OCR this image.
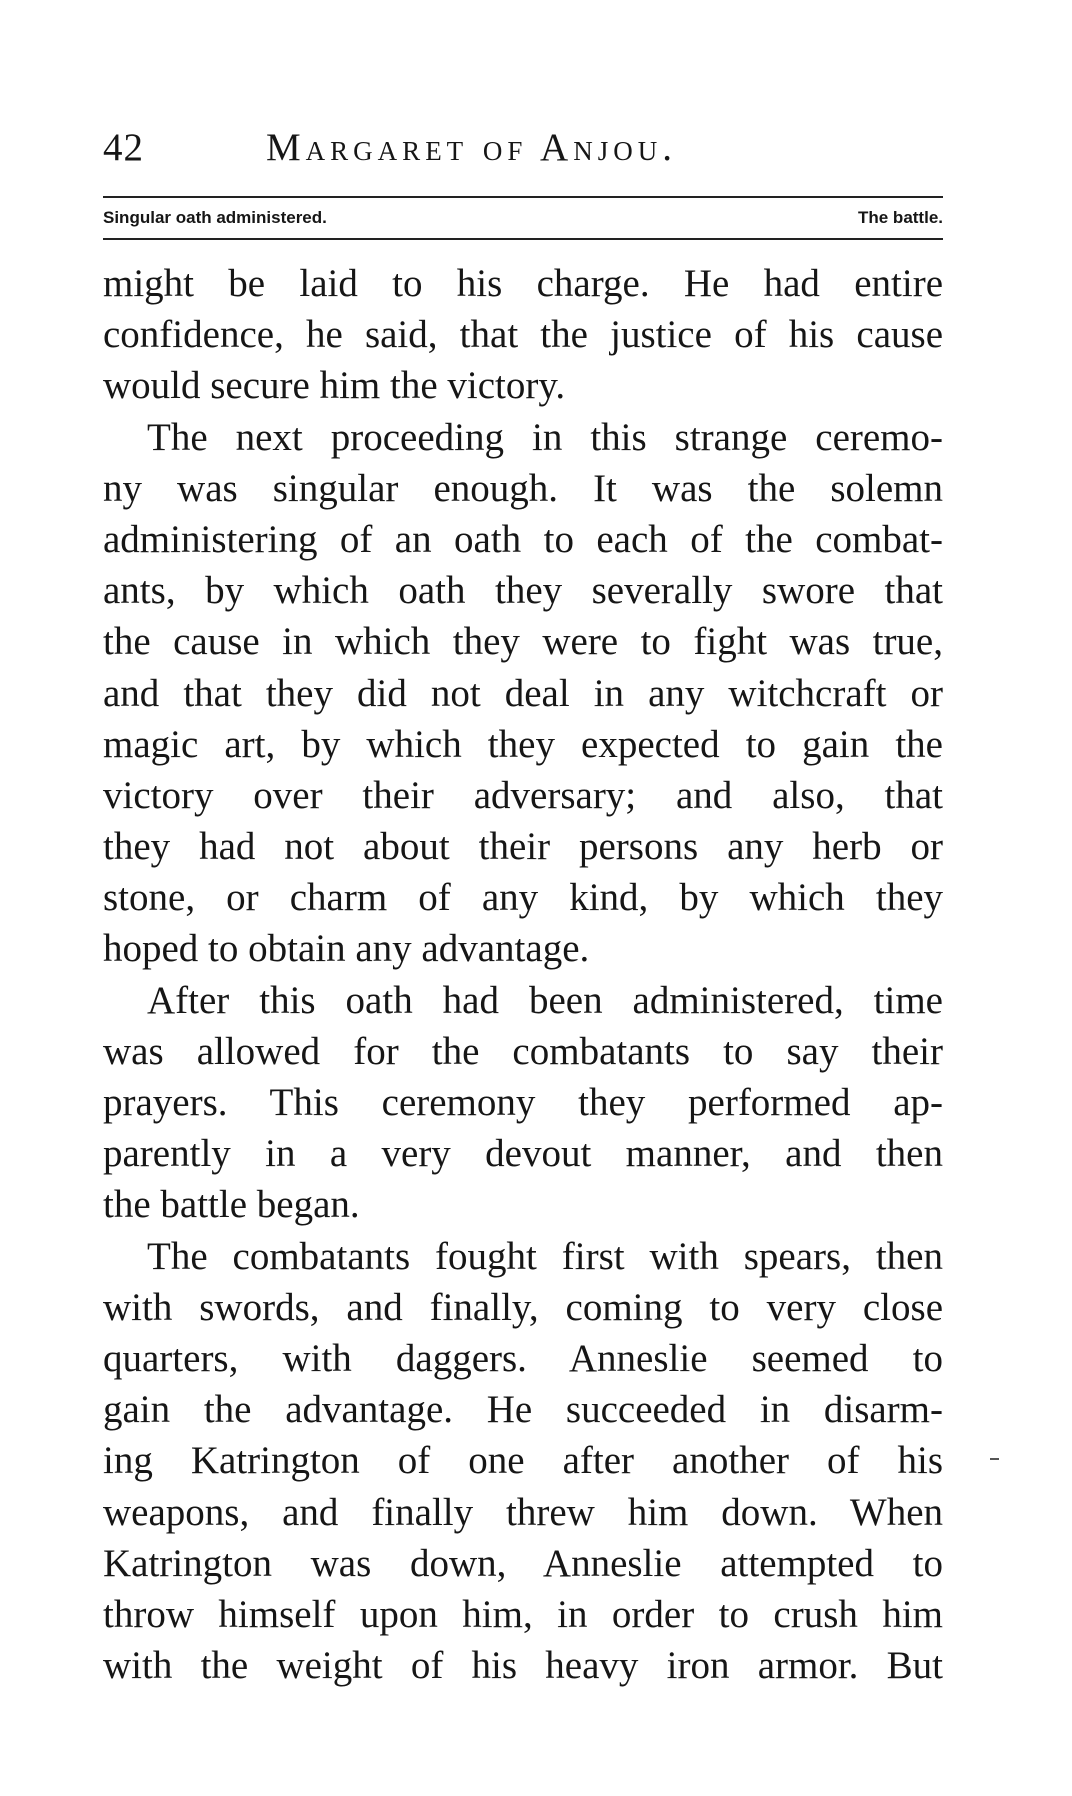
42	Margaret of Anjou.
Singular oath administered.	The battle.
might be laid to his charge. He had entire
confidence, he said, that the justice of his cause
would secure him the victory.
The next proceeding in this strange ceremo-
ny was singular enough. It was the solemn
administering of an oath to each of the combat-
ants, by which oath they severally swore that
the cause in which they were to fight was true,
and that they did not deal in any witchcraft or
magic art, by which they expected to gain the
victory over their adversary; and also, that
they had not about their persons any herb or
stone, or charm of any kind, by which they
hoped to obtain any advantage.
After this oath had been administered, time
was allowed for the combatants to say their
prayers. This ceremony they performed ap-
parently in a very devout manner, and then
the battle began.
The combatants fought first with spears, then
with swords, and finally, coming to very close
quarters, with daggers. Anneslie seemed to
gain the advantage. He succeeded in disarm-
ing Katrington of one after another of his
weapons, and finally threw him down. When
Katrington was down, Anneslie attempted to
throw himself upon him, in order to crush him
with the weight of his heavy iron armor. But
